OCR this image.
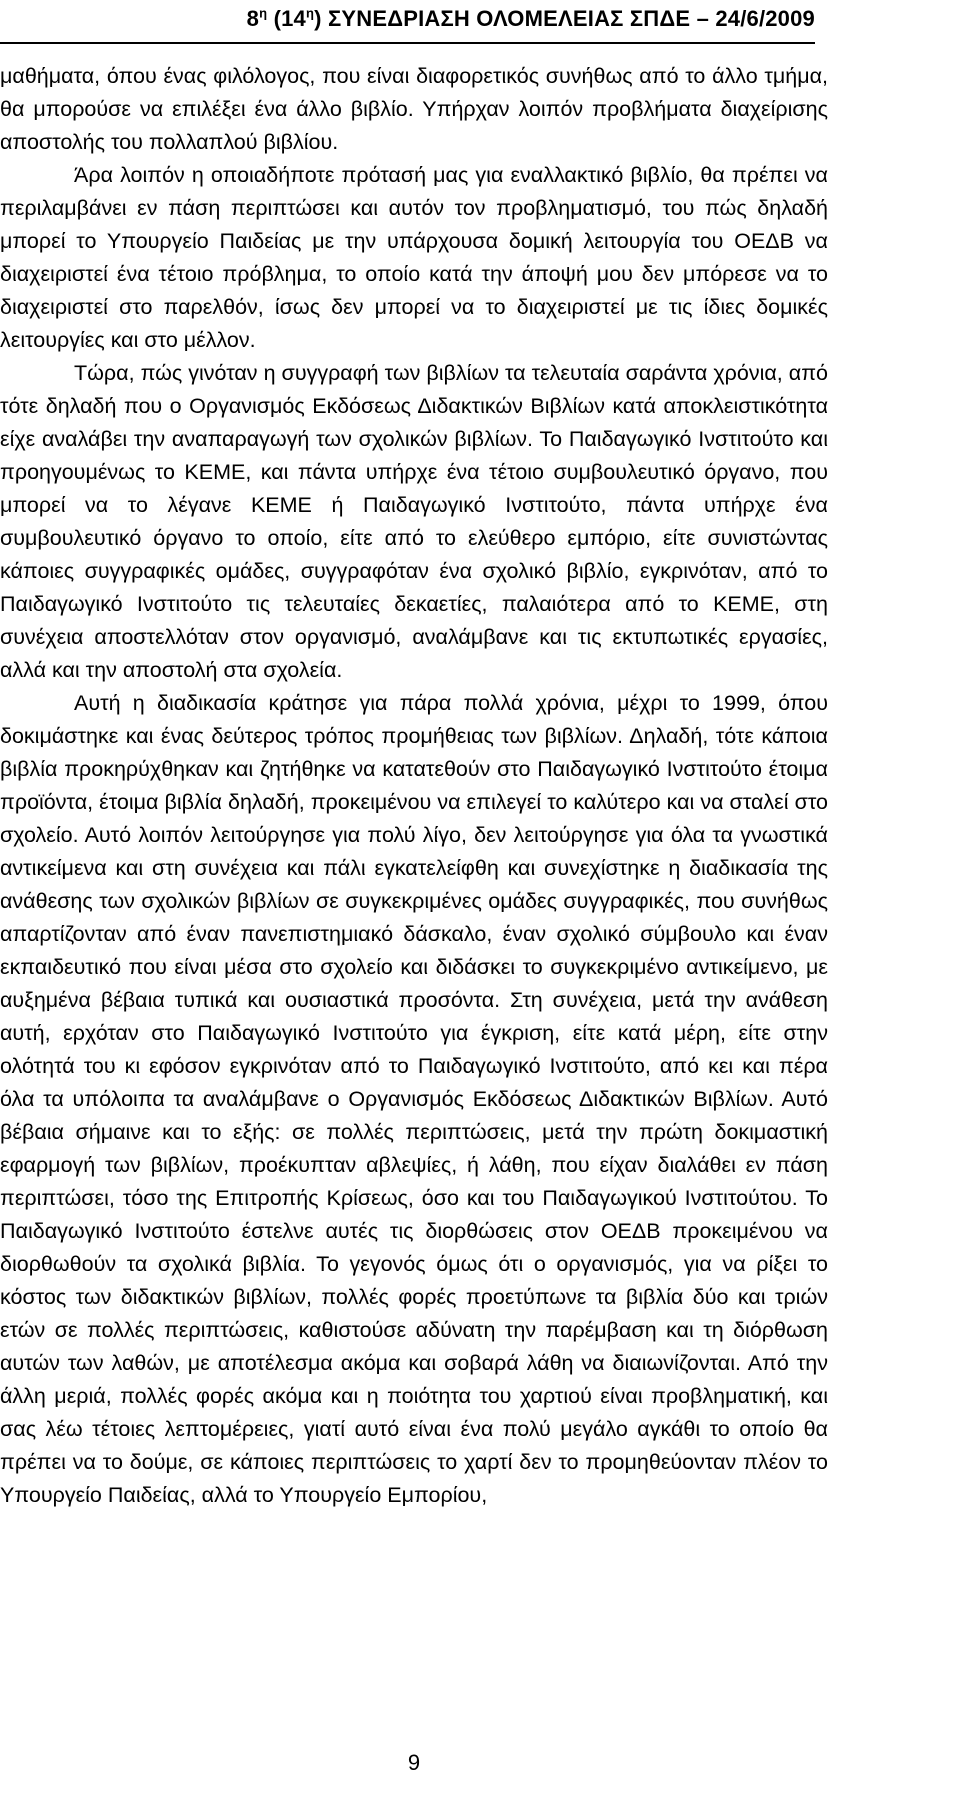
$8^\eta$ $(14^\eta)$ ΣΥΝΕΔΡΙΑΣΗ ΟΛΟΜΕΛΕΙΑΣ ΣΠΔΕ – 24/6/2009

μαθήματα, όπου ένας φιλόλογος, που είναι διαφορετικός συνήθως από το άλλο τμήμα, θα μπορούσε να επιλέξει ένα άλλο βιβλίο. Υπήρχαν λοιπόν προβλήματα διαχείρισης αποστολής του πολλαπλού βιβλίου.

Άρα λοιπόν η οποιαδήποτε πρότασή μας για εναλλακτικό βιβλίο, θα πρέπει να περιλαμβάνει εν πάση περιπτώσει και αυτόν τον προβληματισμό, του πώς δηλαδή μπορεί το Υπουργείο Παιδείας με την υπάρχουσα δομική λειτουργία του ΟΕΔΒ να διαχειριστεί ένα τέτοιο πρόβλημα, το οποίο κατά την άποψή μου δεν μπόρεσε να το διαχειριστεί στο παρελθόν, ίσως δεν μπορεί να το διαχειριστεί με τις ίδιες δομικές λειτουργίες και στο μέλλον.

Τώρα, πώς γινόταν η συγγραφή των βιβλίων τα τελευταία σαράντα χρόνια, από τότε δηλαδή που ο Οργανισμός Εκδόσεως Διδακτικών Βιβλίων κατά αποκλειστικότητα είχε αναλάβει την αναπαραγωγή των σχολικών βιβλίων. Το Παιδαγωγικό Ινστιτούτο και προηγουμένως το ΚΕΜΕ, και πάντα υπήρχε ένα τέτοιο συμβουλευτικό όργανο, που μπορεί να το λέγανε ΚΕΜΕ ή Παιδαγωγικό Ινστιτούτο, πάντα υπήρχε ένα συμβουλευτικό όργανο το οποίο, είτε από το ελεύθερο εμπόριο, είτε συνιστώντας κάποιες συγγραφικές ομάδες, συγγραφόταν ένα σχολικό βιβλίο, εγκρινόταν, από το Παιδαγωγικό Ινστιτούτο τις τελευταίες δεκαετίες, παλαιότερα από το ΚΕΜΕ, στη συνέχεια αποστελλόταν στον οργανισμό, αναλάμβανε και τις εκτυπωτικές εργασίες, αλλά και την αποστολή στα σχολεία.

Αυτή η διαδικασία κράτησε για πάρα πολλά χρόνια, μέχρι το 1999, όπου δοκιμάστηκε και ένας δεύτερος τρόπος προμήθειας των βιβλίων. Δηλαδή, τότε κάποια βιβλία προκηρύχθηκαν και ζητήθηκε να κατατεθούν στο Παιδαγωγικό Ινστιτούτο έτοιμα προϊόντα, έτοιμα βιβλία δηλαδή, προκειμένου να επιλεγεί το καλύτερο και να σταλεί στο σχολείο. Αυτό λοιπόν λειτούργησε για πολύ λίγο, δεν λειτούργησε για όλα τα γνωστικά αντικείμενα και στη συνέχεια και πάλι εγκατελείφθη και συνεχίστηκε η διαδικασία της ανάθεσης των σχολικών βιβλίων σε συγκεκριμένες ομάδες συγγραφικές, που συνήθως απαρτίζονταν από έναν πανεπιστημιακό δάσκαλο, έναν σχολικό σύμβουλο και έναν εκπαιδευτικό που είναι μέσα στο σχολείο και διδάσκει το συγκεκριμένο αντικείμενο, με αυξημένα βέβαια τυπικά και ουσιαστικά προσόντα. Στη συνέχεια, μετά την ανάθεση αυτή, ερχόταν στο Παιδαγωγικό Ινστιτούτο για έγκριση, είτε κατά μέρη, είτε στην ολότητά του κι εφόσον εγκρινόταν από το Παιδαγωγικό Ινστιτούτο, από κει και πέρα όλα τα υπόλοιπα τα αναλάμβανε ο Οργανισμός Εκδόσεως Διδακτικών Βιβλίων. Αυτό βέβαια σήμαινε και το εξής: σε πολλές περιπτώσεις, μετά την πρώτη δοκιμαστική εφαρμογή των βιβλίων, προέκυπταν αβλεψίες, ή λάθη, που είχαν διαλάθει εν πάση περιπτώσει, τόσο της Επιτροπής Κρίσεως, όσο και του Παιδαγωγικού Ινστιτούτου. Το Παιδαγωγικό Ινστιτούτο έστελνε αυτές τις διορθώσεις στον ΟΕΔΒ προκειμένου να διορθωθούν τα σχολικά βιβλία. Το γεγονός όμως ότι ο οργανισμός, για να ρίξει το κόστος των διδακτικών βιβλίων, πολλές φορές προετύπωνε τα βιβλία δύο και τριών ετών σε πολλές περιπτώσεις, καθιστούσε αδύνατη την παρέμβαση και τη διόρθωση αυτών των λαθών, με αποτέλεσμα ακόμα και σοβαρά λάθη να διαιωνίζονται. Από την άλλη μεριά, πολλές φορές ακόμα και η ποιότητα του χαρτιού είναι προβληματική, και σας λέω τέτοιες λεπτομέρειες, γιατί αυτό είναι ένα πολύ μεγάλο αγκάθι το οποίο θα πρέπει να το δούμε, σε κάποιες περιπτώσεις το χαρτί δεν το προμηθεύονταν πλέον το Υπουργείο Παιδείας, αλλά το Υπουργείο Εμπορίου,

9
